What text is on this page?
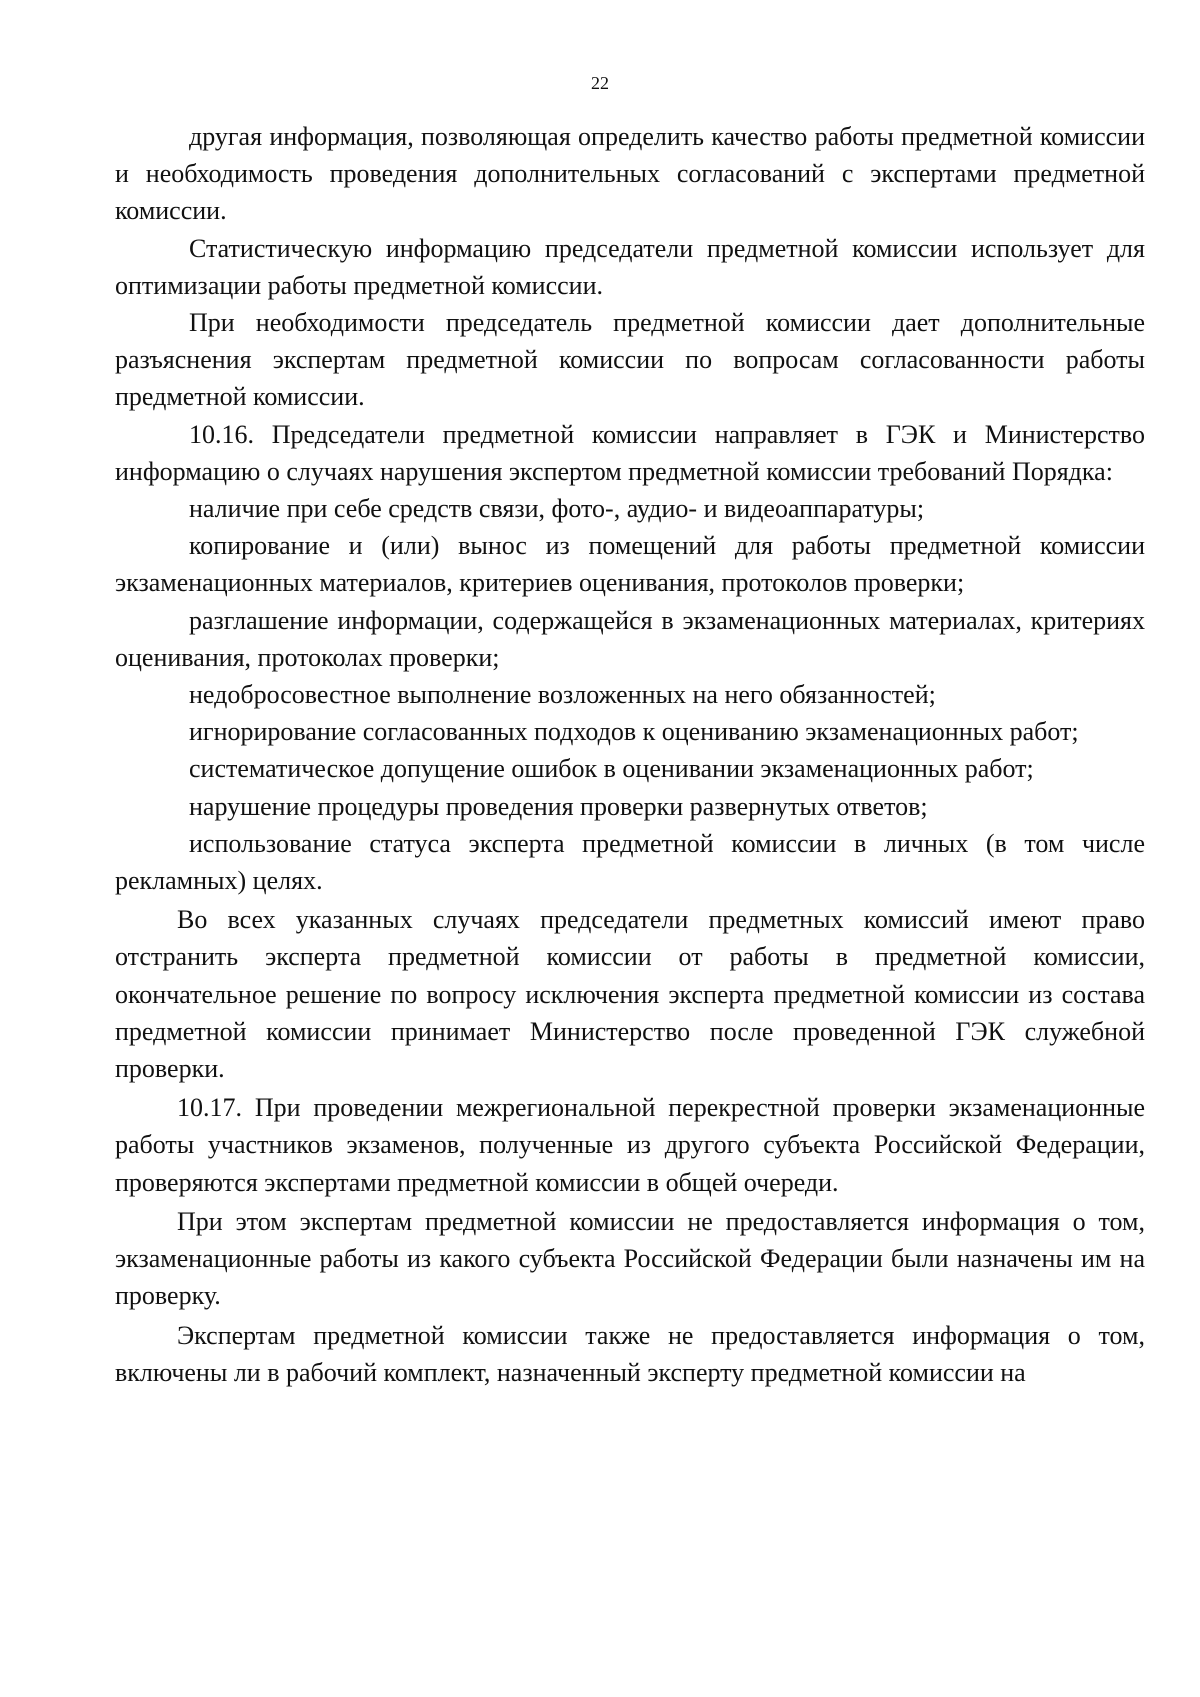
22

другая информация, позволяющая определить качество работы предметной комиссии и необходимость проведения дополнительных согласований с экспертами предметной комиссии.

Статистическую информацию председатели предметной комиссии использует для оптимизации работы предметной комиссии.

При необходимости председатель предметной комиссии дает дополнительные разъяснения экспертам предметной комиссии по вопросам согласованности работы предметной комиссии.

10.16. Председатели предметной комиссии направляет в ГЭК и Министерство информацию о случаях нарушения экспертом предметной комиссии требований Порядка:

наличие при себе средств связи, фото-, аудио- и видеоаппаратуры;

копирование и (или) вынос из помещений для работы предметной комиссии экзаменационных материалов, критериев оценивания, протоколов проверки;

разглашение информации, содержащейся в экзаменационных материалах, критериях оценивания, протоколах проверки;

недобросовестное выполнение возложенных на него обязанностей;

игнорирование согласованных подходов к оцениванию экзаменационных работ;

систематическое допущение ошибок в оценивании экзаменационных работ;

нарушение процедуры проведения проверки развернутых ответов;

использование статуса эксперта предметной комиссии в личных (в том числе рекламных) целях.

Во всех указанных случаях председатели предметных комиссий имеют право отстранить эксперта предметной комиссии от работы в предметной комиссии, окончательное решение по вопросу исключения эксперта предметной комиссии из состава предметной комиссии принимает Министерство после проведенной ГЭК служебной проверки.

10.17. При проведении межрегиональной перекрестной проверки экзаменационные работы участников экзаменов, полученные из другого субъекта Российской Федерации, проверяются экспертами предметной комиссии в общей очереди.

При этом экспертам предметной комиссии не предоставляется информация о том, экзаменационные работы из какого субъекта Российской Федерации были назначены им на проверку.

Экспертам предметной комиссии также не предоставляется информация о том, включены ли в рабочий комплект, назначенный эксперту предметной комиссии на
